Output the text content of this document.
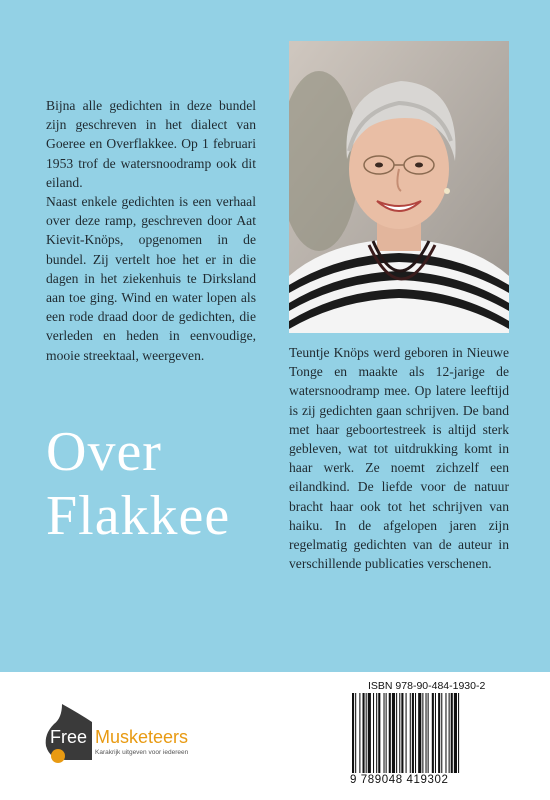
Bijna alle gedichten in deze bundel zijn geschreven in het dialect van Goeree en Overflakkee. Op 1 februari 1953 trof de watersnoodramp ook dit eiland.

Naast enkele gedichten is een verhaal over deze ramp, geschreven door Aat Kievit-Knöps, opgenomen in de bundel. Zij vertelt hoe het er in die dagen in het ziekenhuis te Dirksland aan toe ging. Wind en water lopen als een rode draad door de gedichten, die verleden en heden in eenvoudige, mooie streektaal, weergeven.

Over
Flakkee

Teuntje Knöps werd geboren in Nieuwe Tonge en maakte als 12-jarige de watersnoodramp mee. Op latere leeftijd is zij gedichten gaan schrijven. De band met haar geboortestreek is altijd sterk gebleven, wat tot uitdrukking komt in haar werk. Ze noemt zichzelf een eilandkind. De liefde voor de natuur bracht haar ook tot het schrijven van haiku. In de afgelopen jaren zijn regelmatig gedichten van de auteur in verschillende publicaties verschenen.

Free Musketeers
Karakrijk uitgeven voor iedereen
ISBN 978-90-484-1930-2
9 789048 419302
